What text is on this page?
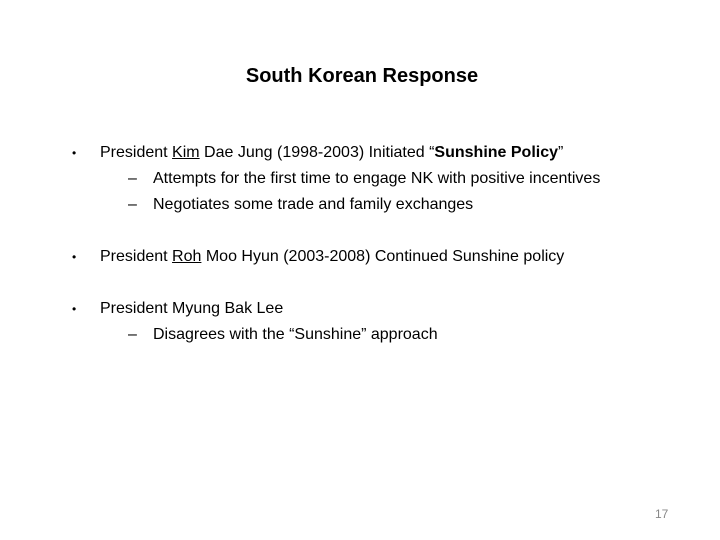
South Korean Response
• President Kim Dae Jung (1998-2003) Initiated “Sunshine Policy”
– Attempts for the first time to engage NK with positive incentives
– Negotiates some trade and family exchanges
• President Roh Moo Hyun (2003-2008) Continued Sunshine policy
• President Myung Bak Lee
– Disagrees with the “Sunshine” approach
17
